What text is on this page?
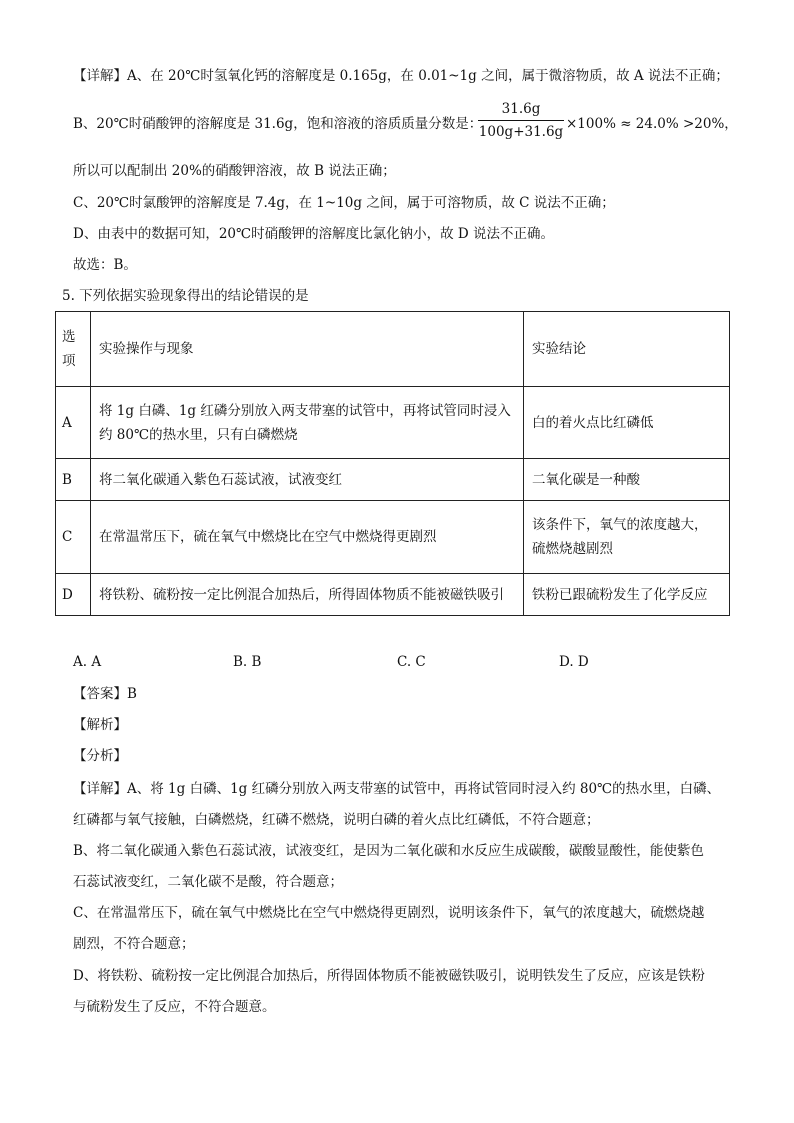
【详解】A、在 20℃时氢氧化钙的溶解度是 0.165g，在 0.01~1g 之间，属于微溶物质，故 A 说法不正确；
B、20℃时硝酸钾的溶解度是 31.6g，饱和溶液的溶质质量分数是：
$\frac{31.6g}{100g+31.6g} \times 100\% \approx 24.0\% >20\%$，
所以可以配制出 20%的硝酸钾溶液，故 B 说法正确；
C、20℃时氯酸钾的溶解度是 7.4g，在 1~10g 之间，属于可溶物质，故 C 说法不正确；
D、由表中的数据可知，20℃时硝酸钾的溶解度比氯化钠小，故 D 说法不正确。
故选：B。
5. 下列依据实验现象得出的结论错误的是
选
项	实验操作与现象	实验结论
A	将 1g 白磷、1g 红磷分别放入两支带塞的试管中，再将试管同时浸入
约 80℃的热水里，只有白磷燃烧	白的着火点比红磷低
B	将二氧化碳通入紫色石蕊试液，试液变红	二氧化碳是一种酸
C	在常温常压下，硫在氧气中燃烧比在空气中燃烧得更剧烈	该条件下，氧气的浓度越大，
硫燃烧越剧烈

D	将铁粉、硫粉按一定比例混合加热后，所得固体物质不能被磁铁吸引	铁粉已跟硫粉发生了化学反应
A. A	B. B	C. C	D. D
【答案】B
【解析】
【分析】
【详解】A、将 1g 白磷、1g 红磷分别放入两支带塞的试管中，再将试管同时浸入约 80℃的热水里，白磷、
红磷都与氧气接触，白磷燃烧，红磷不燃烧，说明白磷的着火点比红磷低，不符合题意；
B、将二氧化碳通入紫色石蕊试液，试液变红，是因为二氧化碳和水反应生成碳酸，碳酸显酸性，能使紫色
石蕊试液变红，二氧化碳不是酸，符合题意；
C、在常温常压下，硫在氧气中燃烧比在空气中燃烧得更剧烈，说明该条件下，氧气的浓度越大，硫燃烧越
剧烈，不符合题意；
D、将铁粉、硫粉按一定比例混合加热后，所得固体物质不能被磁铁吸引，说明铁发生了反应，应该是铁粉
与硫粉发生了反应，不符合题意。
